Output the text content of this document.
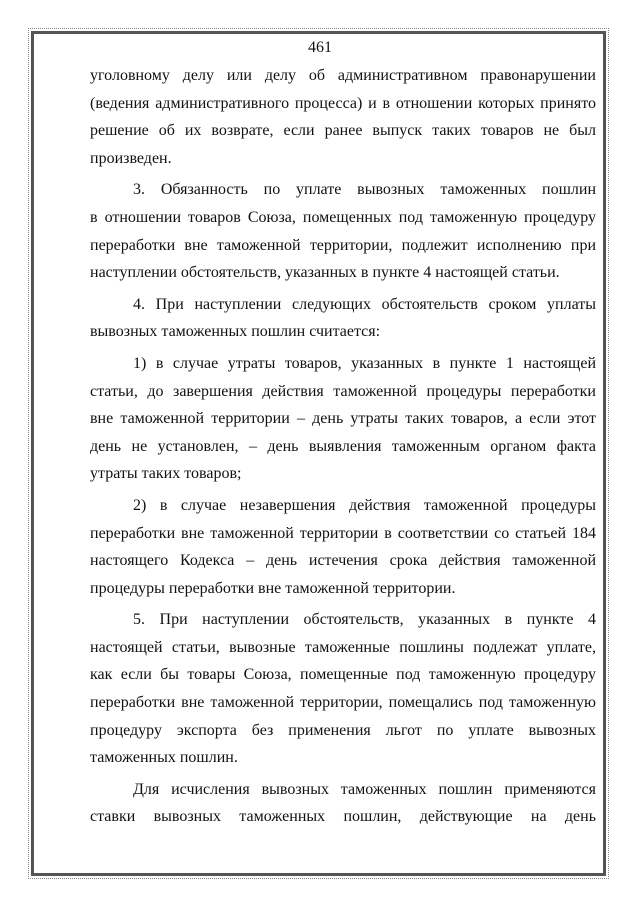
461
уголовному делу или делу об административном правонарушении
(ведения административного процесса) и в отношении которых принято
решение об их возврате, если ранее выпуск таких товаров не был
произведен.
3. Обязанность по уплате вывозных таможенных пошлин
в отношении товаров Союза, помещенных под таможенную процедуру
переработки вне таможенной территории, подлежит исполнению при
наступлении обстоятельств, указанных в пункте 4 настоящей статьи.
4. При наступлении следующих обстоятельств сроком уплаты
вывозных таможенных пошлин считается:
1) в случае утраты товаров, указанных в пункте 1 настоящей
статьи, до завершения действия таможенной процедуры переработки
вне таможенной территории – день утраты таких товаров, а если этот
день не установлен, – день выявления таможенным органом факта
утраты таких товаров;
2) в случае незавершения действия таможенной процедуры
переработки вне таможенной территории в соответствии со статьей 184
настоящего Кодекса – день истечения срока действия таможенной
процедуры переработки вне таможенной территории.
5. При наступлении обстоятельств, указанных в пункте 4
настоящей статьи, вывозные таможенные пошлины подлежат уплате,
как если бы товары Союза, помещенные под таможенную процедуру
переработки вне таможенной территории, помещались под таможенную
процедуру экспорта без применения льгот по уплате вывозных
таможенных пошлин.
Для исчисления вывозных таможенных пошлин применяются
ставки вывозных таможенных пошлин, действующие на день
